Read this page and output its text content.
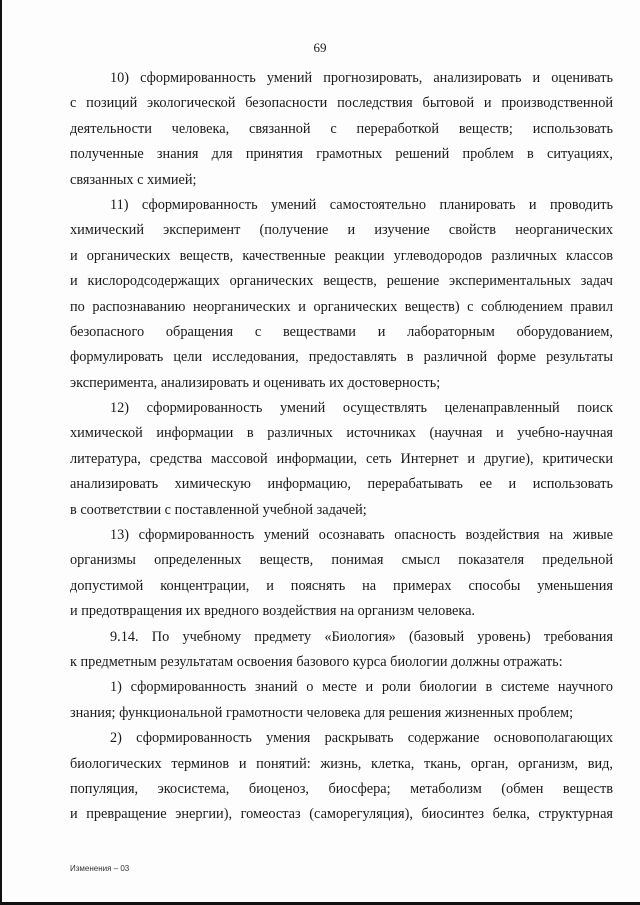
69
10) сформированность умений прогнозировать, анализировать и оценивать
с позиций экологической безопасности последствия бытовой и производственной
деятельности человека, связанной с переработкой веществ; использовать
полученные знания для принятия грамотных решений проблем в ситуациях,
связанных с химией;
11) сформированность умений самостоятельно планировать и проводить
химический эксперимент (получение и изучение свойств неорганических
и органических веществ, качественные реакции углеводородов различных классов
и кислородсодержащих органических веществ, решение экспериментальных задач
по распознаванию неорганических и органических веществ) с соблюдением правил
безопасного обращения с веществами и лабораторным оборудованием,
формулировать цели исследования, предоставлять в различной форме результаты
эксперимента, анализировать и оценивать их достоверность;
12) сформированность умений осуществлять целенаправленный поиск
химической информации в различных источниках (научная и учебно-научная
литература, средства массовой информации, сеть Интернет и другие), критически
анализировать химическую информацию, перерабатывать ее и использовать
в соответствии с поставленной учебной задачей;
13) сформированность умений осознавать опасность воздействия на живые
организмы определенных веществ, понимая смысл показателя предельной
допустимой концентрации, и пояснять на примерах способы уменьшения
и предотвращения их вредного воздействия на организм человека.
9.14. По учебному предмету «Биология» (базовый уровень) требования
к предметным результатам освоения базового курса биологии должны отражать:
1) сформированность знаний о месте и роли биологии в системе научного
знания; функциональной грамотности человека для решения жизненных проблем;
2) сформированность умения раскрывать содержание основополагающих
биологических терминов и понятий: жизнь, клетка, ткань, орган, организм, вид,
популяция, экосистема, биоценоз, биосфера; метаболизм (обмен веществ
и превращение энергии), гомеостаз (саморегуляция), биосинтез белка, структурная
Изменения – 03
